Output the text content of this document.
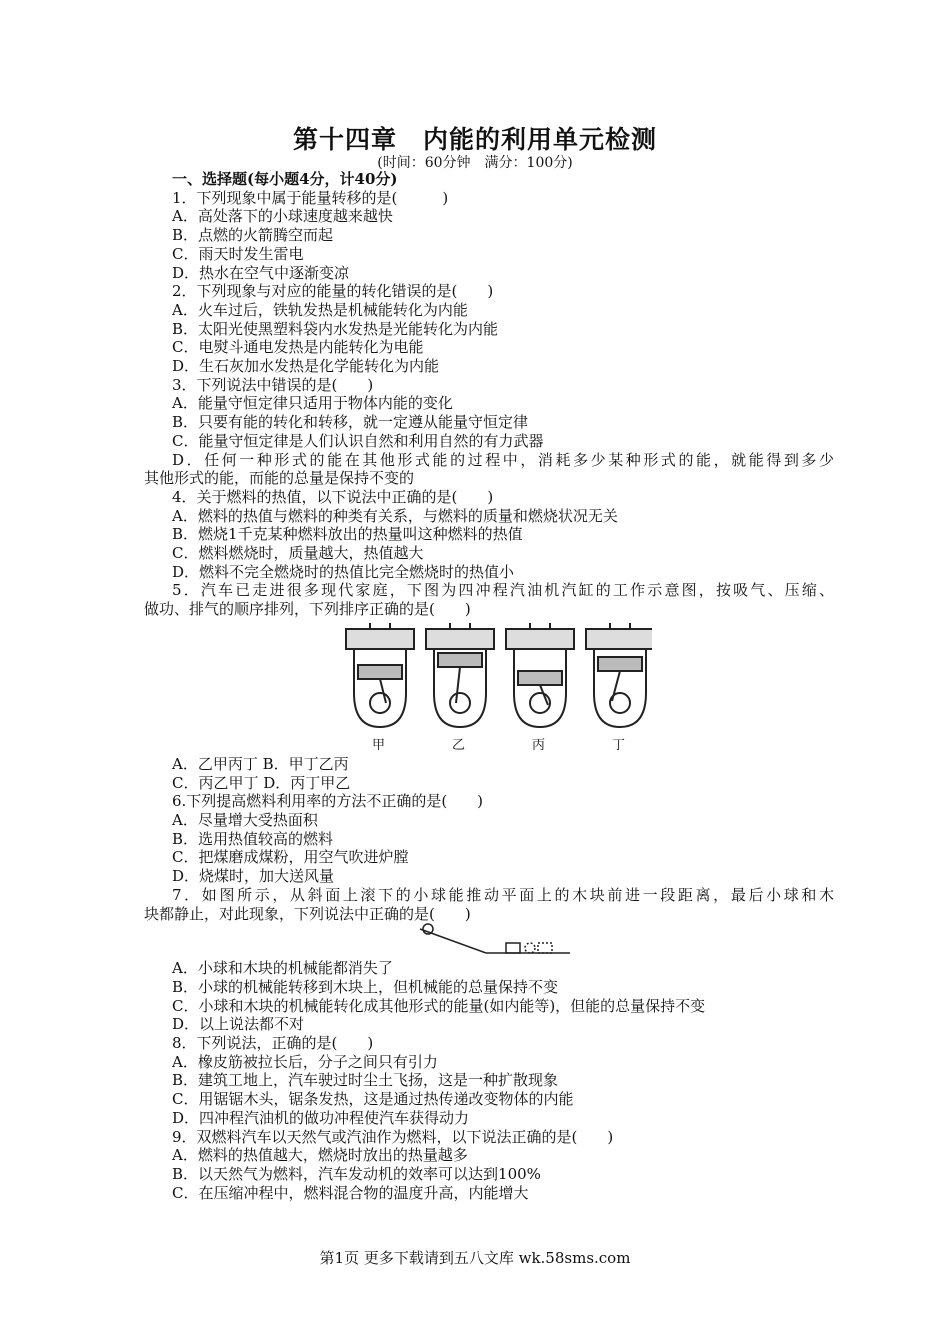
第十四章　内能的利用单元检测
(时间：60分钟　满分：100分)
一、选择题(每小题4分，计40分)
1．下列现象中属于能量转移的是(　　　)
A．高处落下的小球速度越来越快
B．点燃的火箭腾空而起
C．雨天时发生雷电
D．热水在空气中逐渐变凉
2．下列现象与对应的能量的转化错误的是(　　)
A．火车过后，铁轨发热是机械能转化为内能
B．太阳光使黑塑料袋内水发热是光能转化为内能
C．电熨斗通电发热是内能转化为电能
D．生石灰加水发热是化学能转化为内能
3．下列说法中错误的是(　　)
A．能量守恒定律只适用于物体内能的变化
B．只要有能的转化和转移，就一定遵从能量守恒定律
C．能量守恒定律是人们认识自然和利用自然的有力武器
D．任何一种形式的能在其他形式能的过程中，消耗多少某种形式的能，就能得到多少
其他形式的能，而能的总量是保持不变的
4．关于燃料的热值，以下说法中正确的是(　　)
A．燃料的热值与燃料的种类有关系，与燃料的质量和燃烧状况无关
B．燃烧1千克某种燃料放出的热量叫这种燃料的热值
C．燃料燃烧时，质量越大，热值越大
D．燃料不完全燃烧时的热值比完全燃烧时的热值小
5．汽车已走进很多现代家庭，下图为四冲程汽油机汽缸的工作示意图，按吸气、压缩、
做功、排气的顺序排列，下列排序正确的是(　　)
甲	乙	丙	丁
A．乙甲丙丁 B．甲丁乙丙
C．丙乙甲丁 D．丙丁甲乙
6.下列提高燃料利用率的方法不正确的是(　　)
A．尽量增大受热面积
B．选用热值较高的燃料
C．把煤磨成煤粉，用空气吹进炉膛
D．烧煤时，加大送风量
7．如图所示，从斜面上滚下的小球能推动平面上的木块前进一段距离，最后小球和木
块都静止，对此现象，下列说法中正确的是(　　)
A．小球和木块的机械能都消失了
B．小球的机械能转移到木块上，但机械能的总量保持不变
C．小球和木块的机械能转化成其他形式的能量(如内能等)，但能的总量保持不变
D．以上说法都不对
8．下列说法，正确的是(　　)
A．橡皮筋被拉长后，分子之间只有引力
B．建筑工地上，汽车驶过时尘土飞扬，这是一种扩散现象
C．用锯锯木头，锯条发热，这是通过热传递改变物体的内能
D．四冲程汽油机的做功冲程使汽车获得动力
9．双燃料汽车以天然气或汽油作为燃料，以下说法正确的是(　　)
A．燃料的热值越大，燃烧时放出的热量越多
B．以天然气为燃料，汽车发动机的效率可以达到100%
C．在压缩冲程中，燃料混合物的温度升高，内能增大
第1页 更多下载请到五八文库 wk.58sms.com
